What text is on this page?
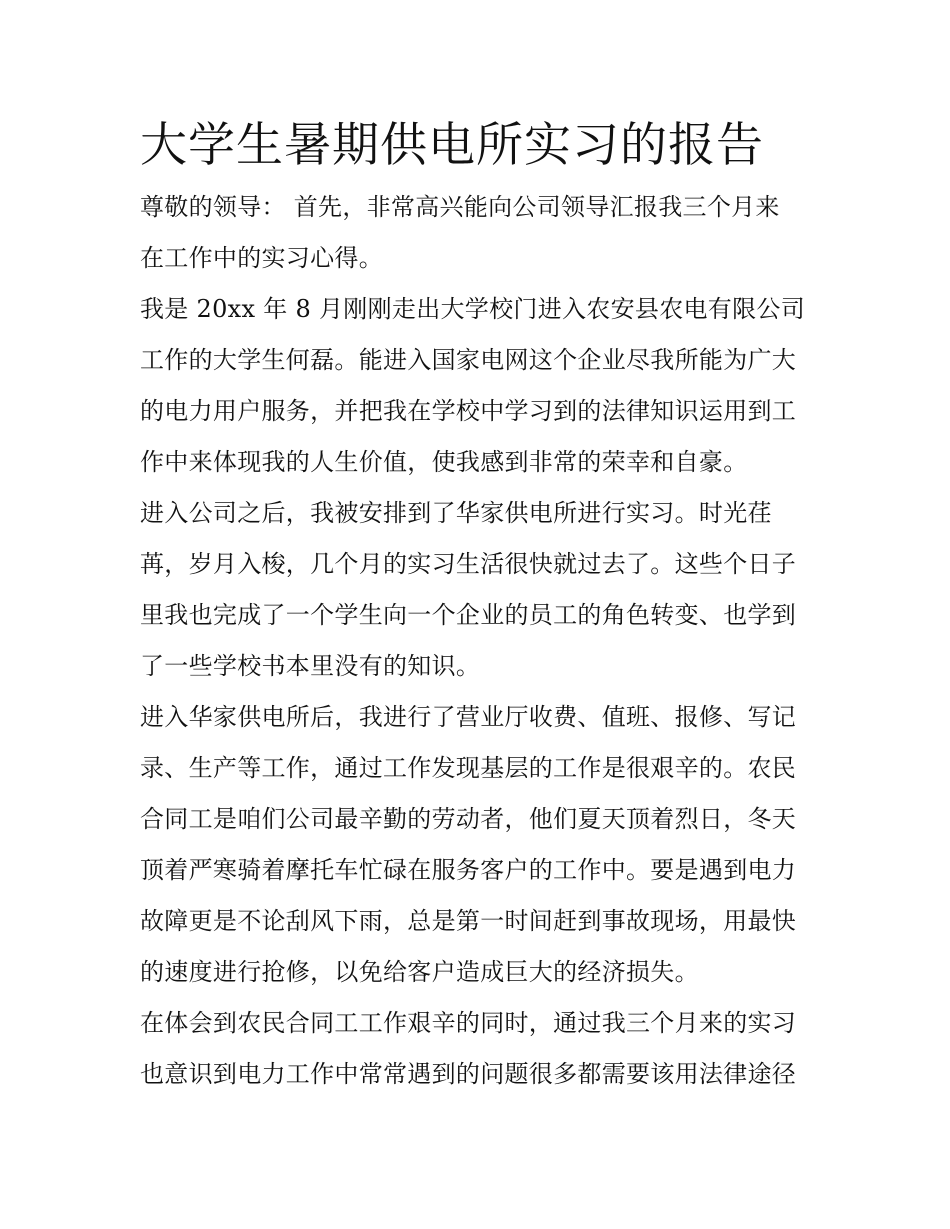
大学生暑期供电所实习的报告

尊敬的领导： 首先，非常高兴能向公司领导汇报我三个月来
在工作中的实习心得。

我是 20xx 年 8 月刚刚走出大学校门进入农安县农电有限公司
工作的大学生何磊。能进入国家电网这个企业尽我所能为广大
的电力用户服务，并把我在学校中学习到的法律知识运用到工
作中来体现我的人生价值，使我感到非常的荣幸和自豪。

进入公司之后，我被安排到了华家供电所进行实习。时光荏
苒，岁月入梭，几个月的实习生活很快就过去了。这些个日子
里我也完成了一个学生向一个企业的员工的角色转变、也学到
了一些学校书本里没有的知识。

进入华家供电所后，我进行了营业厅收费、值班、报修、写记
录、生产等工作，通过工作发现基层的工作是很艰辛的。农民
合同工是咱们公司最辛勤的劳动者，他们夏天顶着烈日，冬天
顶着严寒骑着摩托车忙碌在服务客户的工作中。要是遇到电力
故障更是不论刮风下雨，总是第一时间赶到事故现场，用最快
的速度进行抢修，以免给客户造成巨大的经济损失。

在体会到农民合同工工作艰辛的同时，通过我三个月来的实习
也意识到电力工作中常常遇到的问题很多都需要该用法律途径
